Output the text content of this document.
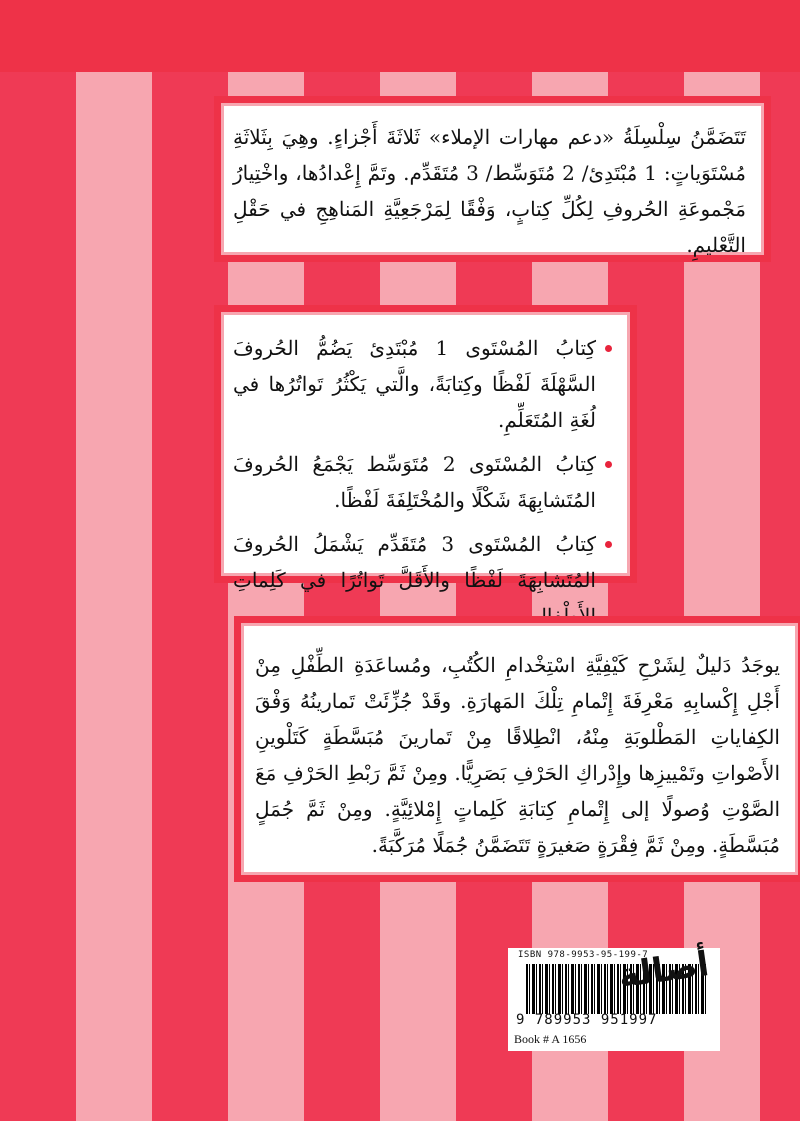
تَتَضَمَّنُ سِلْسِلَةُ «دعم مهارات الإملاء» ثَلاثَةَ أَجْزاءٍ. وهِيَ بِثَلاثَةِ مُسْتَوَياتٍ: 1 مُبْتَدِئ/ 2 مُتَوَسِّط/ 3 مُتَقَدِّم. وتَمَّ إِعْدادُها، واخْتِيارُ مَجْموعَةِ الحُروفِ لِكُلِّ كِتابٍ، وَفْقًا لِمَرْجَعِيَّةِ المَناهِجِ في حَقْلِ التَّعْليمِ.
كِتابُ المُسْتَوى 1 مُبْتَدِئ يَضُمُّ الحُروفَ السَّهْلَةَ لَفْظًا وكِتابَةً، والَّتي يَكْثُرُ تَواتُرُها في لُغَةِ المُتَعَلِّمِ.
كِتابُ المُسْتَوى 2 مُتَوَسِّط يَجْمَعُ الحُروفَ المُتَشابِهَةَ شَكْلًا والمُخْتَلِفَةَ لَفْظًا.
كِتابُ المُسْتَوى 3 مُتَقَدِّم يَشْمَلُ الحُروفَ المُتَشابِهَةَ لَفْظًا والأَقَلَّ تَواتُرًا في كَلِماتِ
يوجَدُ دَليلٌ لِشَرْحِ كَيْفِيَّةِ اسْتِخْدامِ الكُتُبِ، ومُساعَدَةِ الطِّفْلِ مِنْ أَجْلِ إِكْسابِهِ مَعْرِفَةَ إِتْمامِ تِلْكَ المَهارَةِ. وقَدْ جُزِّئَتْ تَمارينُهُ وَفْقَ الكِفاياتِ المَطْلوبَةِ مِنْهُ، انْطِلاقًا مِنْ تَمارينَ مُبَسَّطَةٍ كَتَلْوينِ الأَصْواتِ وتَمْييزِها وإِدْراكِ الحَرْفِ بَصَرِيًّا. ومِنْ ثَمَّ رَبْطِ الحَرْفِ مَعَ الصَّوْتِ وُصولًا إلى إِتْمامِ كِتابَةِ كَلِماتٍ إِمْلائِيَّةٍ. ومِنْ ثَمَّ جُمَلٍ مُبَسَّطَةٍ. ومِنْ ثَمَّ فِقْرَةٍ صَغيرَةٍ تَتَضَمَّنُ جُمَلًا مُرَكَّبَةً.
ISBN 978-9953-95-199-7
9 789953 951997
Book # A 1656
أصالة
